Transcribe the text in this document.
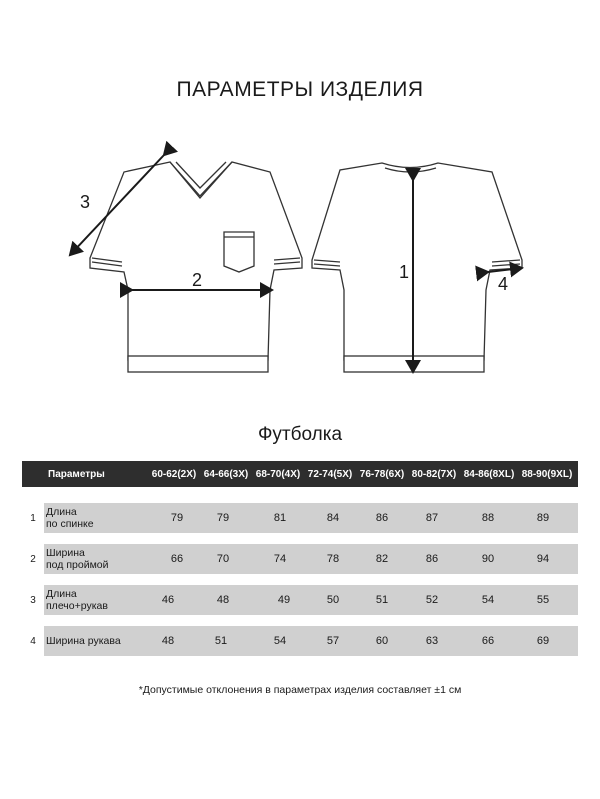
ПАРАМЕТРЫ ИЗДЕЛИЯ
1
2
3
4
Футболка
Параметры	60-62(2X) 64-66(3X) 68-70(4X) 72-74(5X) 76-78(6X) 80-82(7X) 84-86(8XL) 88-90(9XL)
1 Длина
по спинке	79	79	81	84	86	87	88	89
2 Ширина
под проймой	66	70	74	78	82	86	90	94
3 Длина
плечо+рукав	46	48	49	50	51	52	54	55
4 Ширина рукава	48	51	54	57	60	63	66	69
*Допустимые отклонения в параметрах изделия составляет ±1 см
